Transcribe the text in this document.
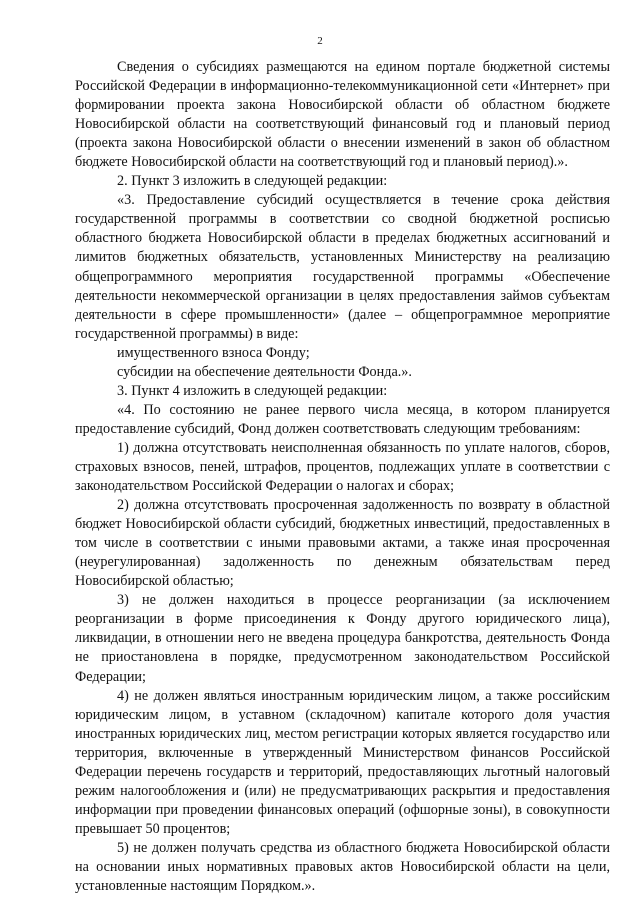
2

Сведения о субсидиях размещаются на едином портале бюджетной системы Российской Федерации в информационно-телекоммуникационной сети «Интернет» при формировании проекта закона Новосибирской области об областном бюджете Новосибирской области на соответствующий финансовый год и плановый период (проекта закона Новосибирской области о внесении изменений в закон об областном бюджете Новосибирской области на соответствующий год и плановый период).».

2. Пункт 3 изложить в следующей редакции:

«3. Предоставление субсидий осуществляется в течение срока действия государственной программы в соответствии со сводной бюджетной росписью областного бюджета Новосибирской области в пределах бюджетных ассигнований и лимитов бюджетных обязательств, установленных Министерству на реализацию общепрограммного мероприятия государственной программы «Обеспечение деятельности некоммерческой организации в целях предоставления займов субъектам деятельности в сфере промышленности» (далее – общепрограммное мероприятие государственной программы) в виде:

имущественного взноса Фонду;

субсидии на обеспечение деятельности Фонда.».

3. Пункт 4 изложить в следующей редакции:

«4. По состоянию не ранее первого числа месяца, в котором планируется предоставление субсидий, Фонд должен соответствовать следующим требованиям:

1) должна отсутствовать неисполненная обязанность по уплате налогов, сборов, страховых взносов, пеней, штрафов, процентов, подлежащих уплате в соответствии с законодательством Российской Федерации о налогах и сборах;

2) должна отсутствовать просроченная задолженность по возврату в областной бюджет Новосибирской области субсидий, бюджетных инвестиций, предоставленных в том числе в соответствии с иными правовыми актами, а также иная просроченная (неурегулированная) задолженность по денежным обязательствам перед Новосибирской областью;

3) не должен находиться в процессе реорганизации (за исключением реорганизации в форме присоединения к Фонду другого юридического лица), ликвидации, в отношении него не введена процедура банкротства, деятельность Фонда не приостановлена в порядке, предусмотренном законодательством Российской Федерации;

4) не должен являться иностранным юридическим лицом, а также российским юридическим лицом, в уставном (складочном) капитале которого доля участия иностранных юридических лиц, местом регистрации которых является государство или территория, включенные в утвержденный Министерством финансов Российской Федерации перечень государств и территорий, предоставляющих льготный налоговый режим налогообложения и (или) не предусматривающих раскрытия и предоставления информации при проведении финансовых операций (офшорные зоны), в совокупности превышает 50 процентов;

5) не должен получать средства из областного бюджета Новосибирской области на основании иных нормативных правовых актов Новосибирской области на цели, установленные настоящим Порядком.».
